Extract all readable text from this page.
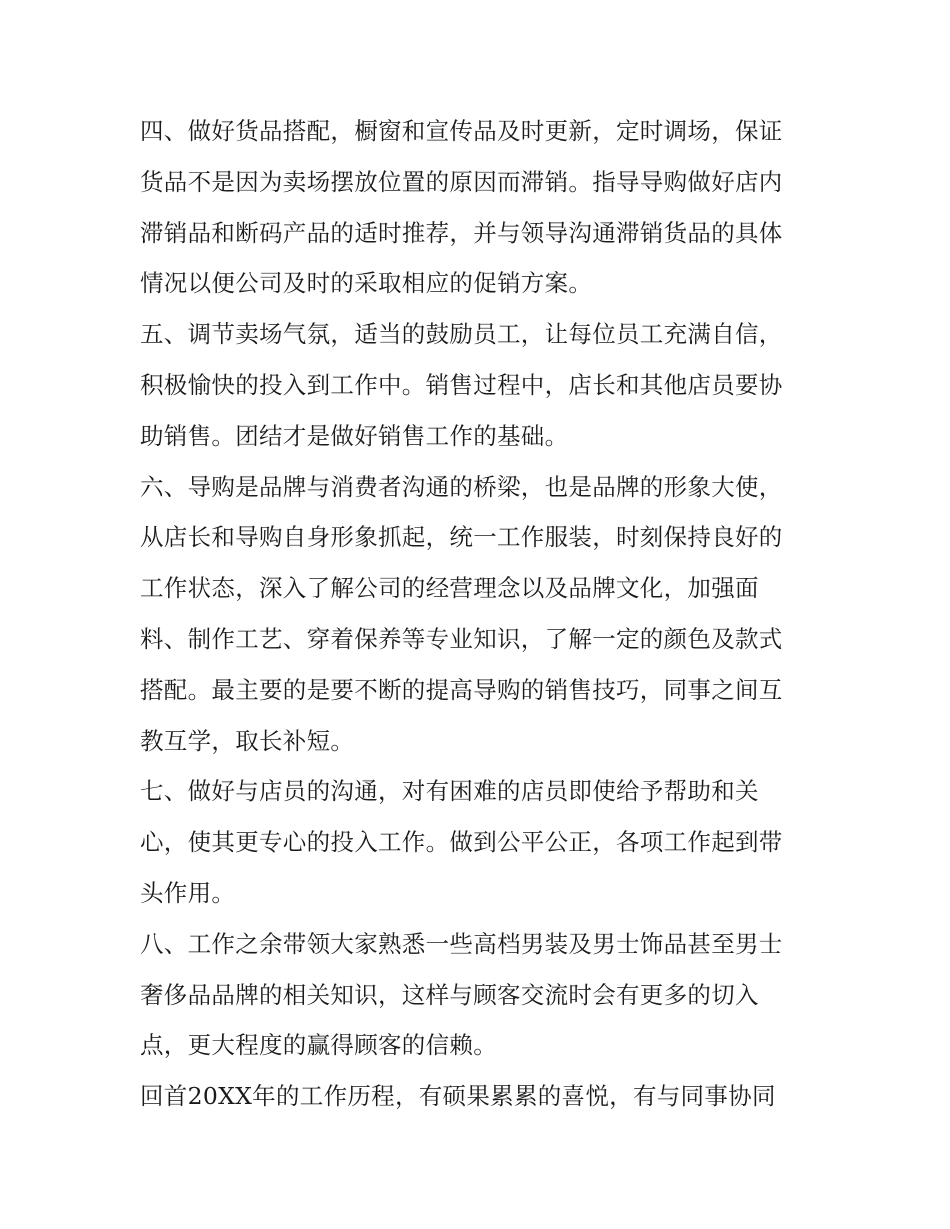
四、做好货品搭配，橱窗和宣传品及时更新，定时调场，保证
货品不是因为卖场摆放位置的原因而滞销。指导导购做好店内
滞销品和断码产品的适时推荐，并与领导沟通滞销货品的具体
情况以便公司及时的采取相应的促销方案。
五、调节卖场气氛，适当的鼓励员工，让每位员工充满自信，
积极愉快的投入到工作中。销售过程中，店长和其他店员要协
助销售。团结才是做好销售工作的基础。
六、导购是品牌与消费者沟通的桥梁，也是品牌的形象大使，
从店长和导购自身形象抓起，统一工作服装，时刻保持良好的
工作状态，深入了解公司的经营理念以及品牌文化，加强面
料、制作工艺、穿着保养等专业知识，了解一定的颜色及款式
搭配。最主要的是要不断的提高导购的销售技巧，同事之间互
教互学，取长补短。
七、做好与店员的沟通，对有困难的店员即使给予帮助和关
心，使其更专心的投入工作。做到公平公正，各项工作起到带
头作用。
八、工作之余带领大家熟悉一些高档男装及男士饰品甚至男士
奢侈品品牌的相关知识，这样与顾客交流时会有更多的切入
点，更大程度的赢得顾客的信赖。
回首20XX年的工作历程，有硕果累累的喜悦，有与同事协同
